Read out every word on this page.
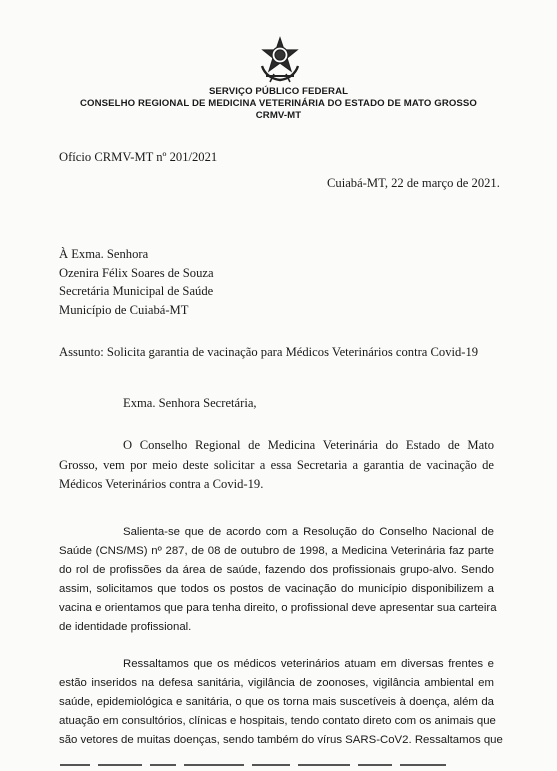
SERVIÇO PÚBLICO FEDERAL
CONSELHO REGIONAL DE MEDICINA VETERINÁRIA DO ESTADO DE MATO GROSSO
CRMV-MT
Ofício CRMV-MT nº 201/2021
Cuiabá-MT, 22 de março de 2021.
À Exma. Senhora
Ozenira Félix Soares de Souza
Secretária Municipal de Saúde
Município de Cuiabá-MT
Assunto: Solicita garantia de vacinação para Médicos Veterinários contra Covid-19
Exma. Senhora Secretária,
O Conselho Regional de Medicina Veterinária do Estado de Mato
Grosso, vem por meio deste solicitar a essa Secretaria a garantia de vacinação de
Médicos Veterinários contra a Covid-19.
Salienta-se que de acordo com a Resolução do Conselho Nacional de
Saúde (CNS/MS) nº 287, de 08 de outubro de 1998, a Medicina Veterinária faz parte
do rol de profissões da área de saúde, fazendo dos profissionais grupo-alvo. Sendo
assim, solicitamos que todos os postos de vacinação do município disponibilizem a
vacina e orientamos que para tenha direito, o profissional deve apresentar sua carteira
de identidade profissional.
Ressaltamos que os médicos veterinários atuam em diversas frentes e
estão inseridos na defesa sanitária, vigilância de zoonoses, vigilância ambiental em
saúde, epidemiológica e sanitária, o que os torna mais suscetíveis à doença, além da
atuação em consultórios, clínicas e hospitais, tendo contato direto com os animais que
são vetores de muitas doenças, sendo também do vírus SARS-CoV2. Ressaltamos que
